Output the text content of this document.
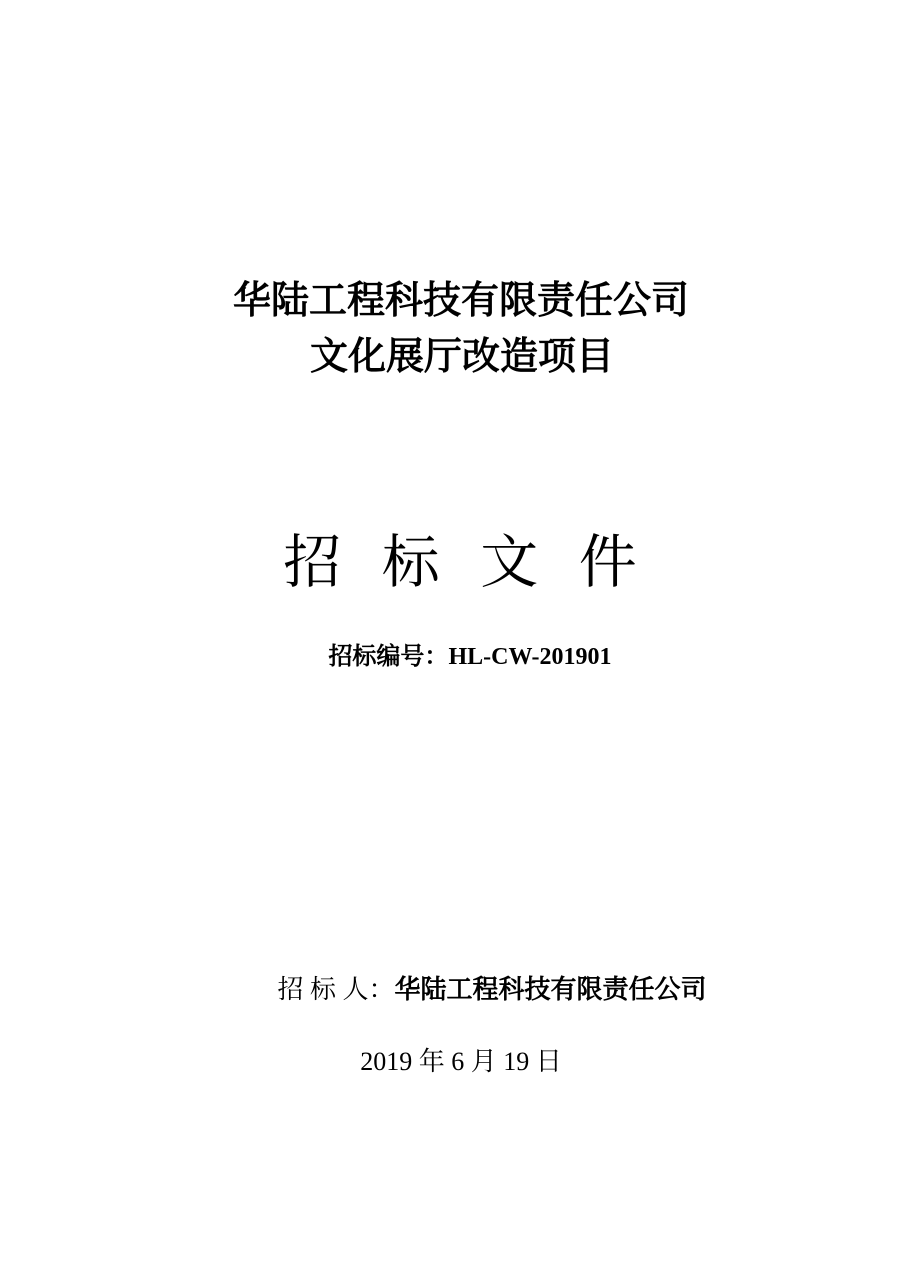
华陆工程科技有限责任公司
文化展厅改造项目
招 标 文 件

招标编号：HL-CW-201901

招 标 人：华陆工程科技有限责任公司

2019 年 6 月 19 日
